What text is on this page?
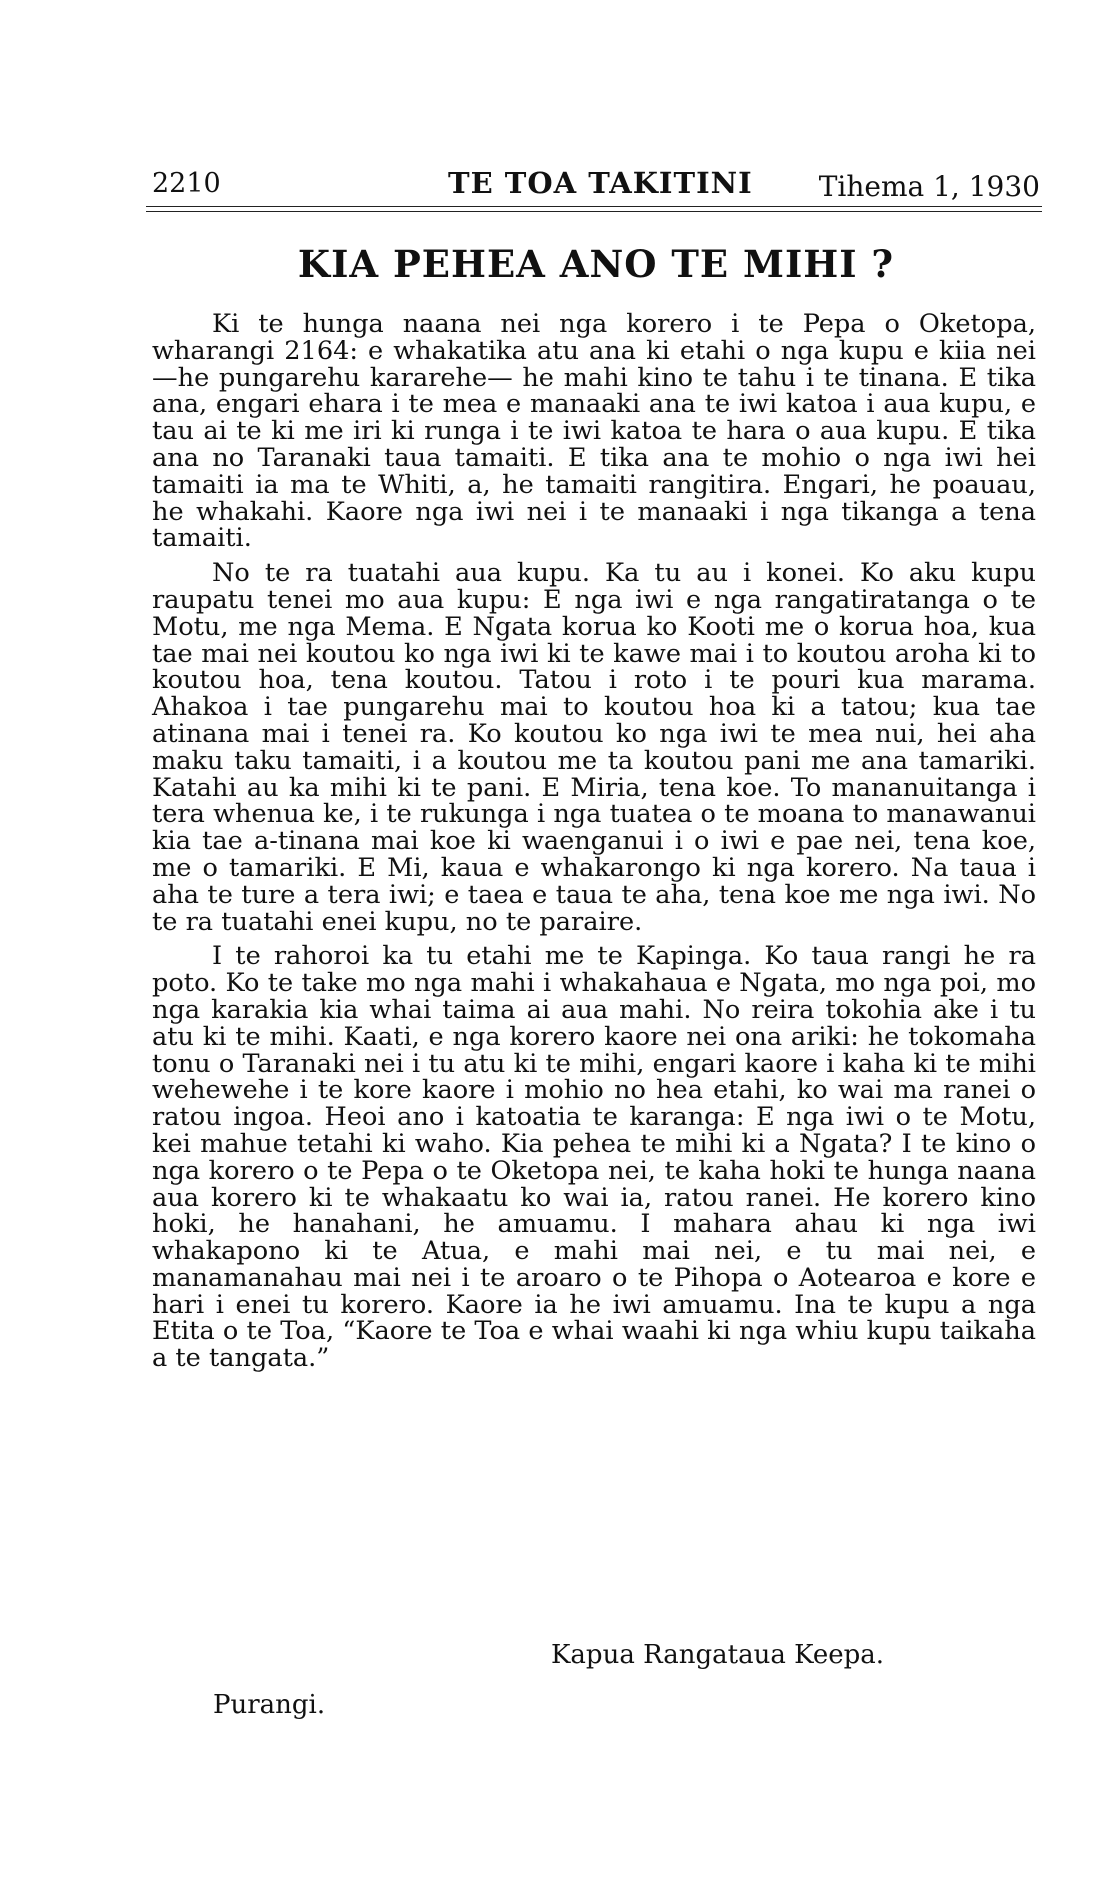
2210	TE TOA TAKITINI Tihema 1, 1930
KIA PEHEA ANO TE MIHI ?

Ki te hunga naana nei nga korero i te Pepa o Oketopa, wharangi 2164: e whakatika atu ana ki etahi o nga kupu e kiia nei—he pungarehu kararehe— he mahi kino te tahu i te tinana. E tika ana, engari ehara i te mea e manaaki ana te iwi katoa i aua kupu, e tau ai te ki me iri ki runga i te iwi katoa te hara o aua kupu. E tika ana no Taranaki taua tamaiti. E tika ana te mohio o nga iwi hei tamaiti ia ma te Whiti, a, he tamaiti rangitira. Engari, he poauau, he whakahi. Kaore nga iwi nei i te manaaki i nga tikanga a tena tamaiti.

No te ra tuatahi aua kupu. Ka tu au i konei. Ko aku kupu raupatu tenei mo aua kupu: E nga iwi e nga rangatiratanga o te Motu, me nga Mema. E Ngata korua ko Kooti me o korua hoa, kua tae mai nei koutou ko nga iwi ki te kawe mai i to koutou aroha ki to koutou hoa, tena koutou. Tatou i roto i te pouri kua marama. Ahakoa i tae pungarehu mai to koutou hoa ki a tatou; kua tae atinana mai i tenei ra. Ko koutou ko nga iwi te mea nui, hei aha maku taku tamaiti, i a koutou me ta koutou pani me ana tamariki. Katahi au ka mihi ki te pani. E Miria, tena koe. To mananuitanga i tera whenua ke, i te rukunga i nga tuatea o te moana to manawanui kia tae a-tinana mai koe ki waenganui i o iwi e pae nei, tena koe, me o tamariki. E Mi, kaua e whakarongo ki nga korero. Na taua i aha te ture a tera iwi; e taea e taua te aha, tena koe me nga iwi. No te ra tuatahi enei kupu, no te paraire.

I te rahoroi ka tu etahi me te Kapinga. Ko taua rangi he ra poto. Ko te take mo nga mahi i whakahaua e Ngata, mo nga poi, mo nga karakia kia whai taima ai aua mahi. No reira tokohia ake i tu atu ki te mihi. Kaati, e nga korero kaore nei ona ariki: he tokomaha tonu o Taranaki nei i tu atu ki te mihi, engari kaore i kaha ki te mihi wehewehe i te kore kaore i mohio no hea etahi, ko wai ma ranei o ratou ingoa. Heoi ano i katoatia te karanga: E nga iwi o te Motu, kei mahue tetahi ki waho. Kia pehea te mihi ki a Ngata? I te kino o nga korero o te Pepa o te Oketopa nei, te kaha hoki te hunga naana aua korero ki te whakaatu ko wai ia, ratou ranei. He korero kino hoki, he hanahani, he amuamu. I mahara ahau ki nga iwi whakapono ki te Atua, e mahi mai nei, e tu mai nei, e manamanahau mai nei i te aroaro o te Pihopa o Aotearoa e kore e hari i enei tu korero. Kaore ia he iwi amuamu. Ina te kupu a nga Etita o te Toa, “Kaore te Toa e whai waahi ki nga whiu kupu taikaha a te tangata.”

Kapua Rangataua Keepa.
Purangi.
